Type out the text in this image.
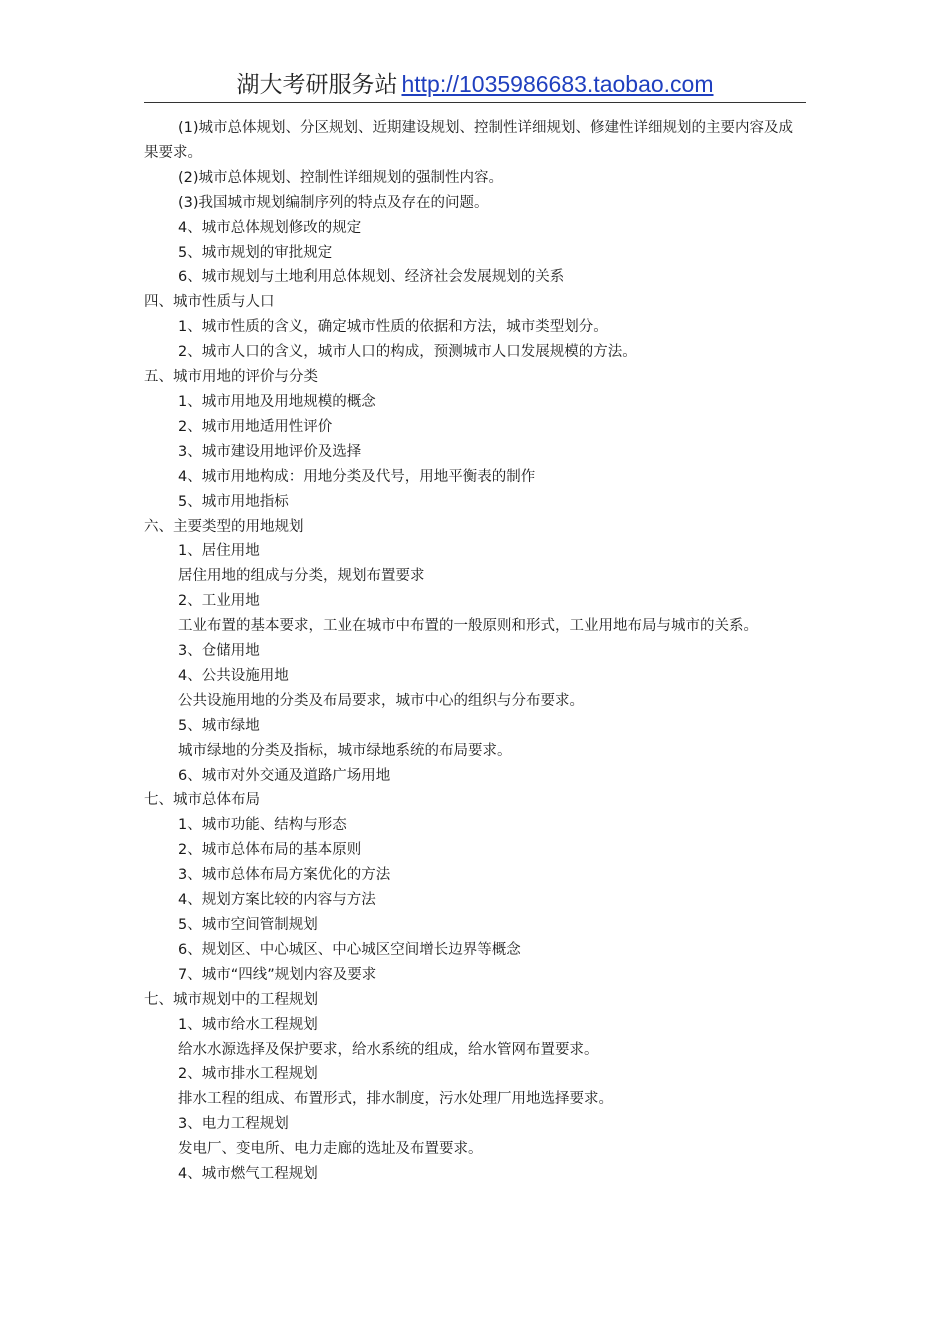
湖大考研服务站 http://1035986683.taobao.com
(1)城市总体规划、分区规划、近期建设规划、控制性详细规划、修建性详细规划的主要内容及成果要求。
(2)城市总体规划、控制性详细规划的强制性内容。
(3)我国城市规划编制序列的特点及存在的问题。
4、城市总体规划修改的规定
5、城市规划的审批规定
6、城市规划与土地利用总体规划、经济社会发展规划的关系
四、城市性质与人口
1、城市性质的含义，确定城市性质的依据和方法，城市类型划分。
2、城市人口的含义，城市人口的构成，预测城市人口发展规模的方法。
五、城市用地的评价与分类
1、城市用地及用地规模的概念
2、城市用地适用性评价
3、城市建设用地评价及选择
4、城市用地构成：用地分类及代号，用地平衡表的制作
5、城市用地指标
六、主要类型的用地规划
1、居住用地
居住用地的组成与分类，规划布置要求
2、工业用地
工业布置的基本要求，工业在城市中布置的一般原则和形式，工业用地布局与城市的关系。
3、仓储用地
4、公共设施用地
公共设施用地的分类及布局要求，城市中心的组织与分布要求。
5、城市绿地
城市绿地的分类及指标，城市绿地系统的布局要求。
6、城市对外交通及道路广场用地
七、城市总体布局
1、城市功能、结构与形态
2、城市总体布局的基本原则
3、城市总体布局方案优化的方法
4、规划方案比较的内容与方法
5、城市空间管制规划
6、规划区、中心城区、中心城区空间增长边界等概念
7、城市“四线”规划内容及要求
七、城市规划中的工程规划
1、城市给水工程规划
给水水源选择及保护要求，给水系统的组成，给水管网布置要求。
2、城市排水工程规划
排水工程的组成、布置形式，排水制度，污水处理厂用地选择要求。
3、电力工程规划
发电厂、变电所、电力走廊的选址及布置要求。
4、城市燃气工程规划
